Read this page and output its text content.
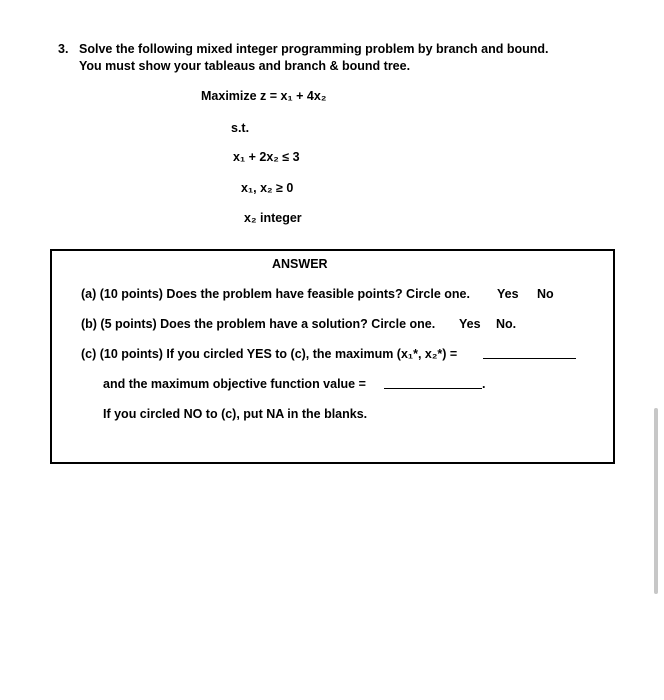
3. Solve the following mixed integer programming problem by branch and bound.
You must show your tableaus and branch & bound tree.
Maximize z = x₁ + 4x₂
s.t.
x₁ + 2x₂ ≤ 3
x₁, x₂ ≥ 0
x₂ integer
ANSWER
(a) (10 points) Does the problem have feasible points? Circle one. Yes No
(b) (5 points) Does the problem have a solution? Circle one. Yes No.
(c) (10 points) If you circled YES to (c), the maximum (x₁*, x₂*) =
and the maximum objective function value =	.
If you circled NO to (c), put NA in the blanks.
